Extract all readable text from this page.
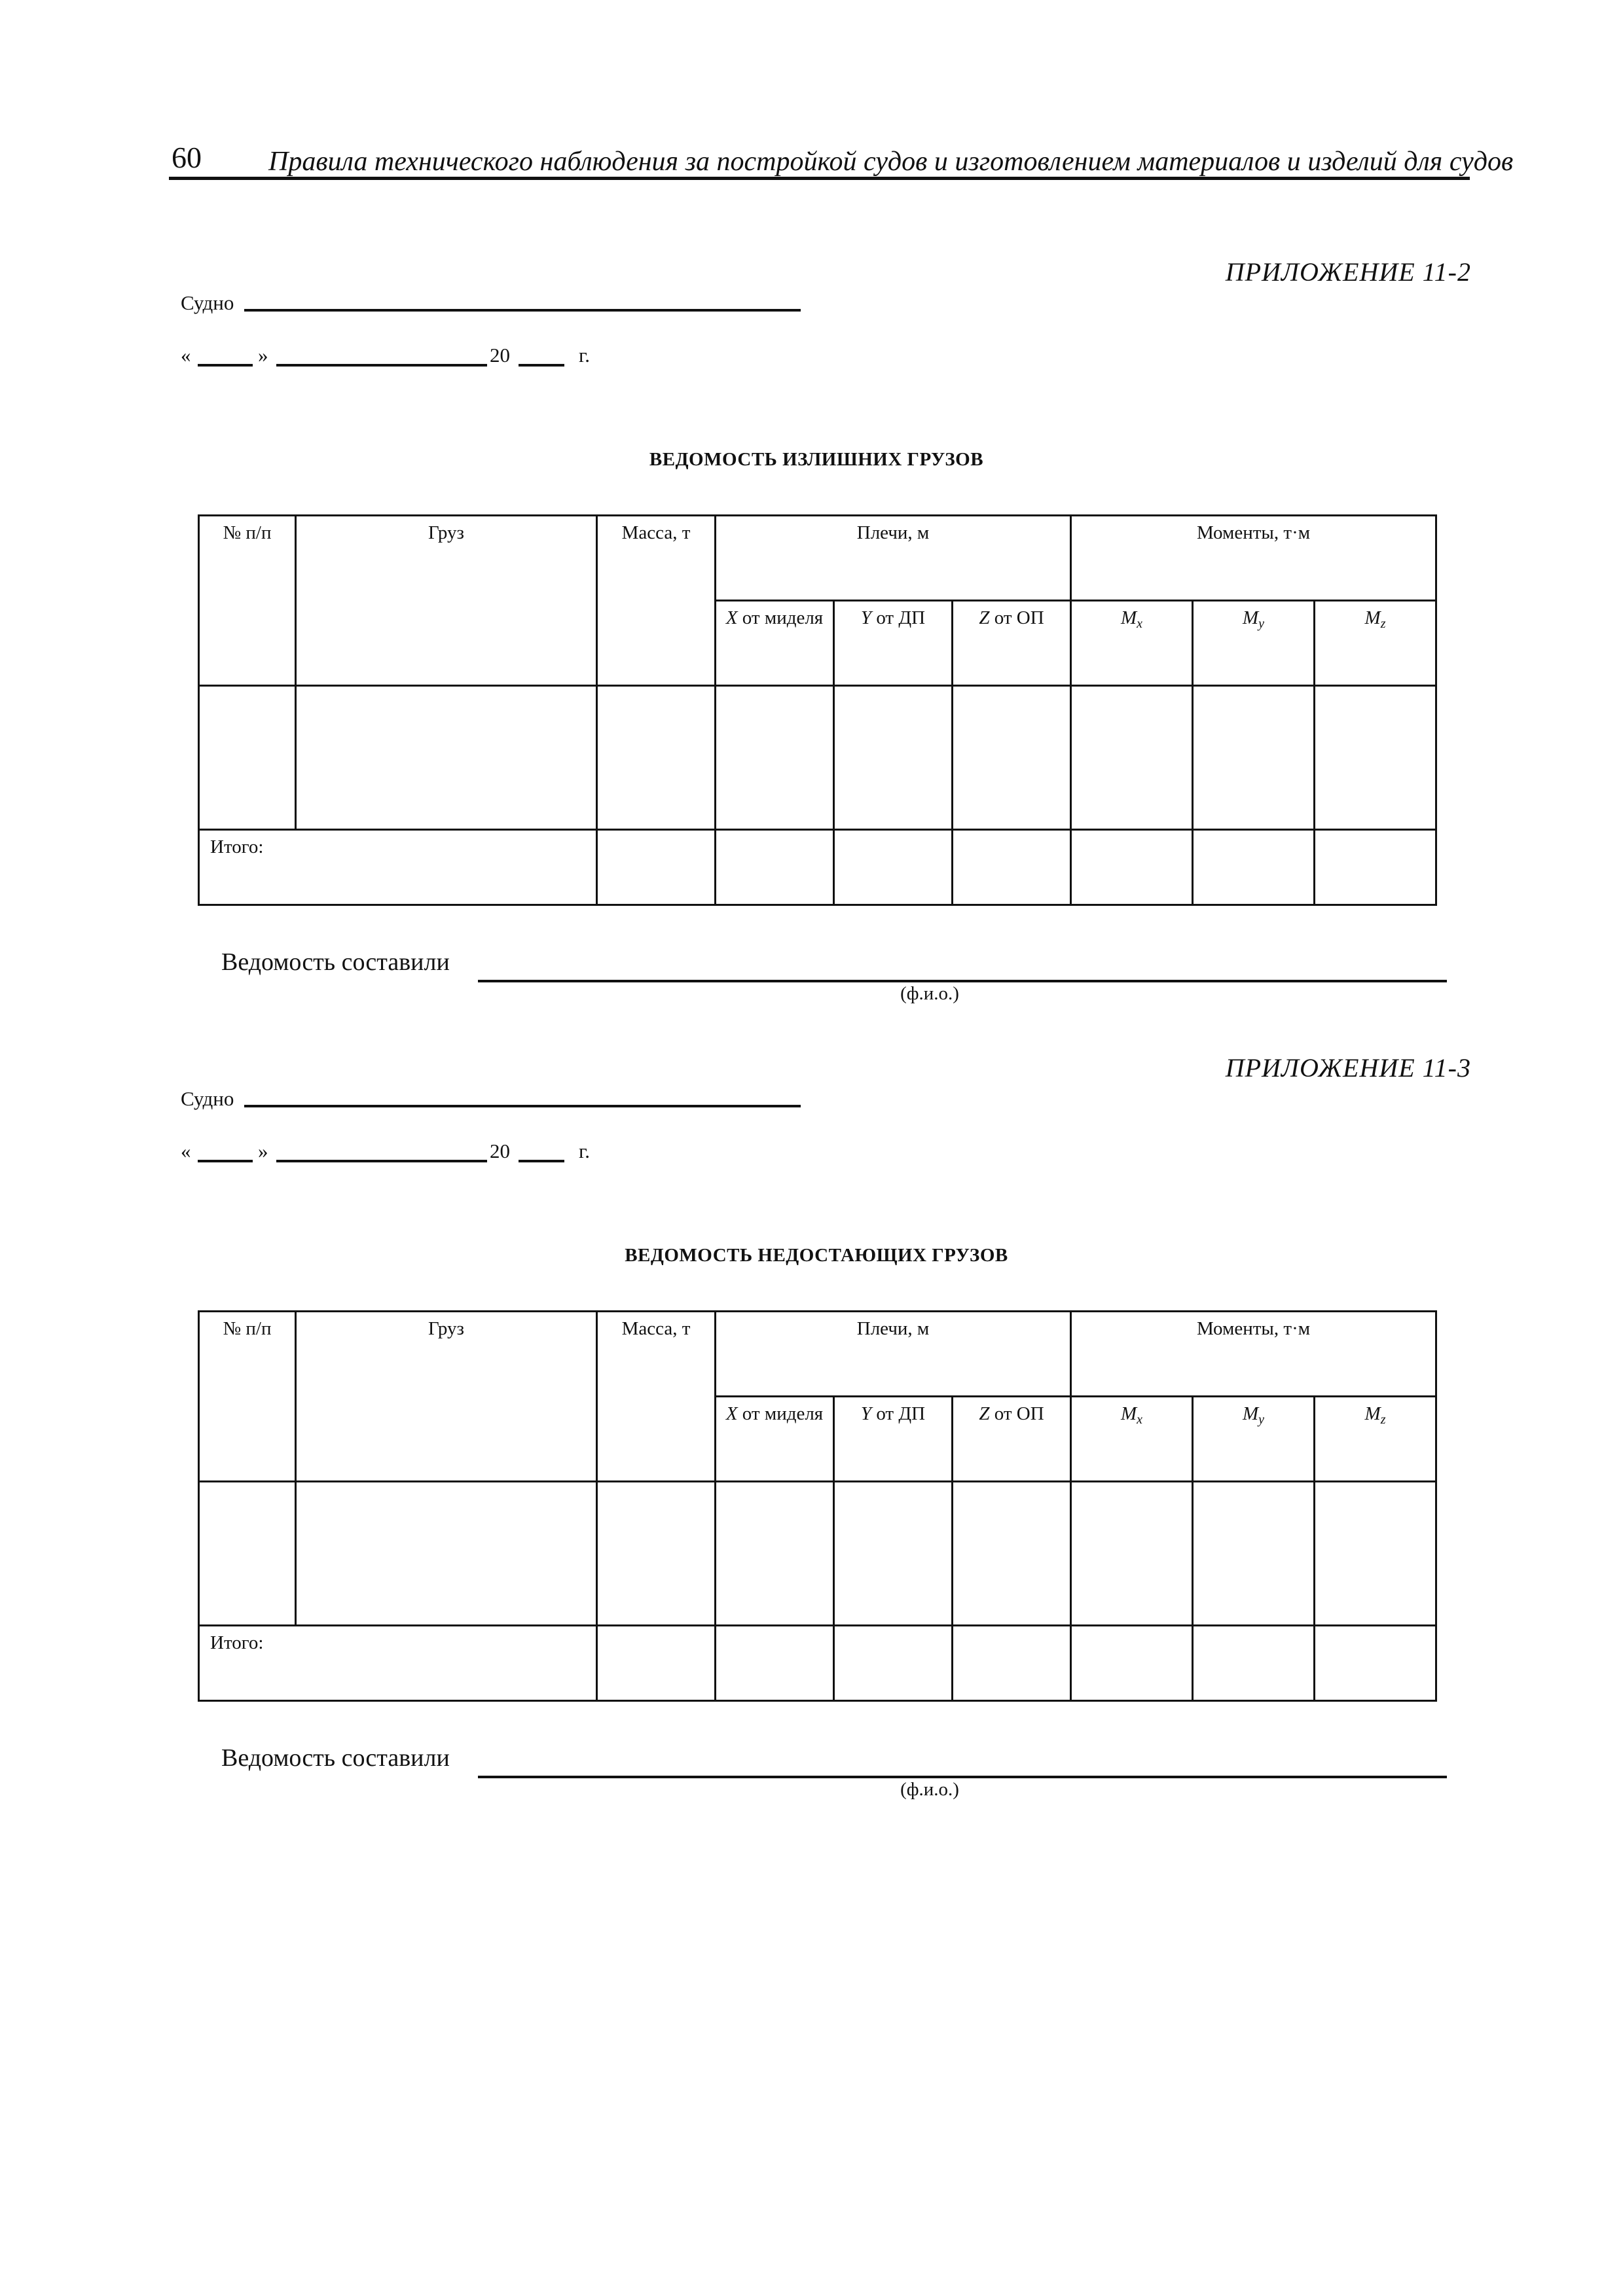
60 Правила технического наблюдения за постройкой судов и изготовлением материалов и изделий для судов
ПРИЛОЖЕНИЕ 11-2
Судно
«	»	20	г.
ВЕДОМОСТЬ ИЗЛИШНИХ ГРУЗОВ
№ п/п	Груз	Масса, т	Плечи, м			Моменты, т·м		
			X от миделя	Y от ДП	Z от ОП	$M_x$	$M_y$	$M_z$

Итого:								
Ведомость составили
(ф.и.о.)
ПРИЛОЖЕНИЕ 11-3
Судно
«	»	20	г.
ВЕДОМОСТЬ НЕДОСТАЮЩИХ ГРУЗОВ
№ п/п	Груз	Масса, т	Плечи, м			Моменты, т·м		
			X от миделя	Y от ДП	Z от ОП	$M_x$	$M_y$	$M_z$

Итого:								
Ведомость составили
(ф.и.о.)
